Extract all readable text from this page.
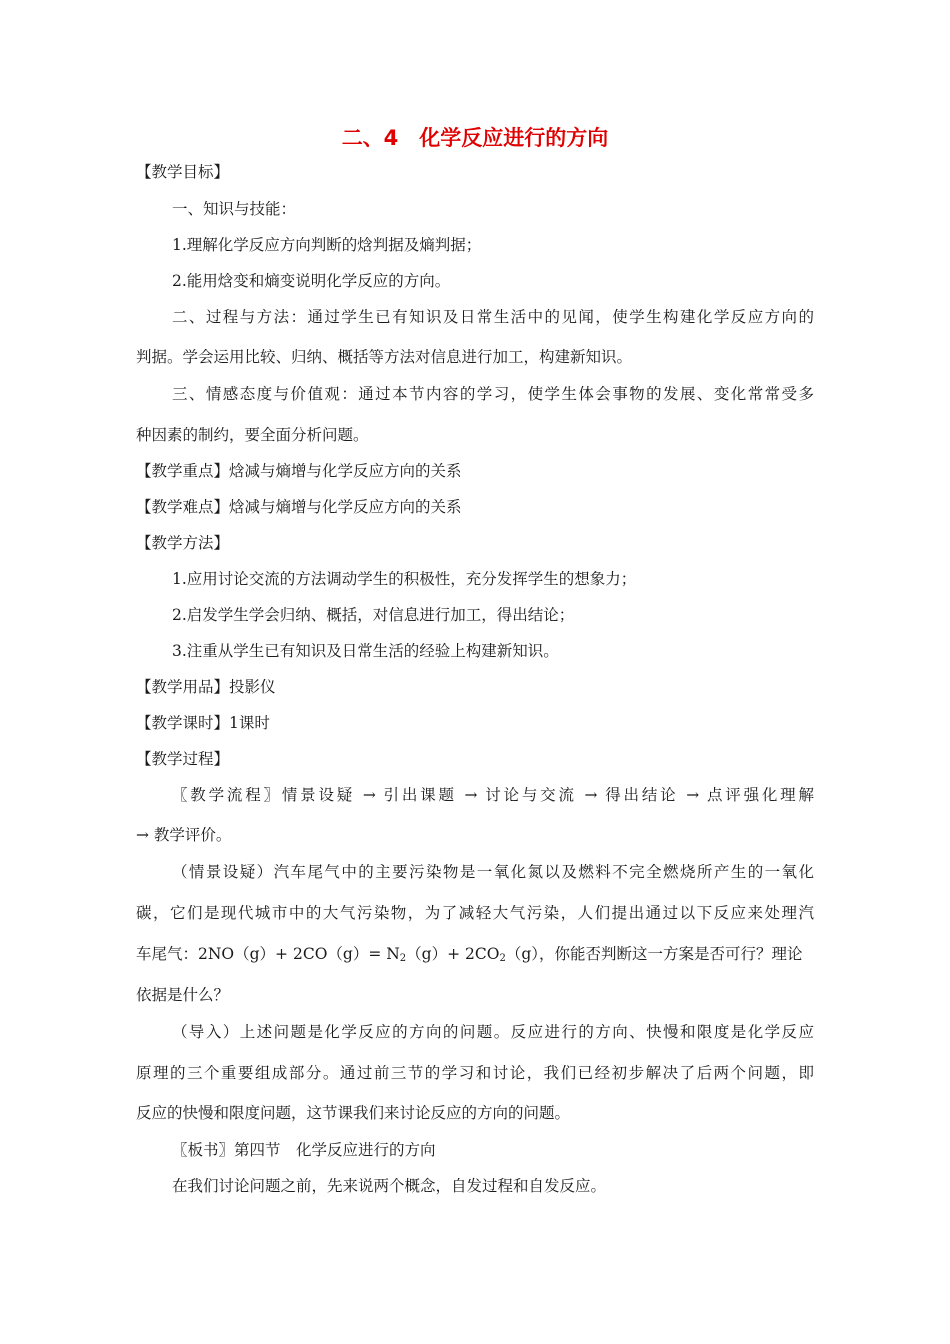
二、4　化学反应进行的方向
【教学目标】
一、知识与技能：
1.理解化学反应方向判断的焓判据及熵判据；
2.能用焓变和熵变说明化学反应的方向。
二、过程与方法：通过学生已有知识及日常生活中的见闻，使学生构建化学反应方向的
判据。学会运用比较、归纳、概括等方法对信息进行加工，构建新知识。
三、情感态度与价值观：通过本节内容的学习，使学生体会事物的发展、变化常常受多
种因素的制约，要全面分析问题。
【教学重点】焓减与熵增与化学反应方向的关系
【教学难点】焓减与熵增与化学反应方向的关系
【教学方法】
1.应用讨论交流的方法调动学生的积极性，充分发挥学生的想象力；
2.启发学生学会归纳、概括，对信息进行加工，得出结论；
3.注重从学生已有知识及日常生活的经验上构建新知识。
【教学用品】投影仪
【教学课时】1课时
【教学过程】
〖教学流程〗情景设疑 → 引出课题 → 讨论与交流 → 得出结论 → 点评强化理解
→ 教学评价。
（情景设疑）汽车尾气中的主要污染物是一氧化氮以及燃料不完全燃烧所产生的一氧化
碳，它们是现代城市中的大气污染物，为了减轻大气污染，人们提出通过以下反应来处理汽
车尾气：$2NO(g)+ 2CO(g)= N_2(g)+ 2CO_2(g)$，你能否判断这一方案是否可行？理论
依据是什么？
（导入）上述问题是化学反应的方向的问题。反应进行的方向、快慢和限度是化学反应
原理的三个重要组成部分。通过前三节的学习和讨论，我们已经初步解决了后两个问题，即
反应的快慢和限度问题，这节课我们来讨论反应的方向的问题。
〖板书〗第四节　化学反应进行的方向
在我们讨论问题之前，先来说两个概念，自发过程和自发反应。
